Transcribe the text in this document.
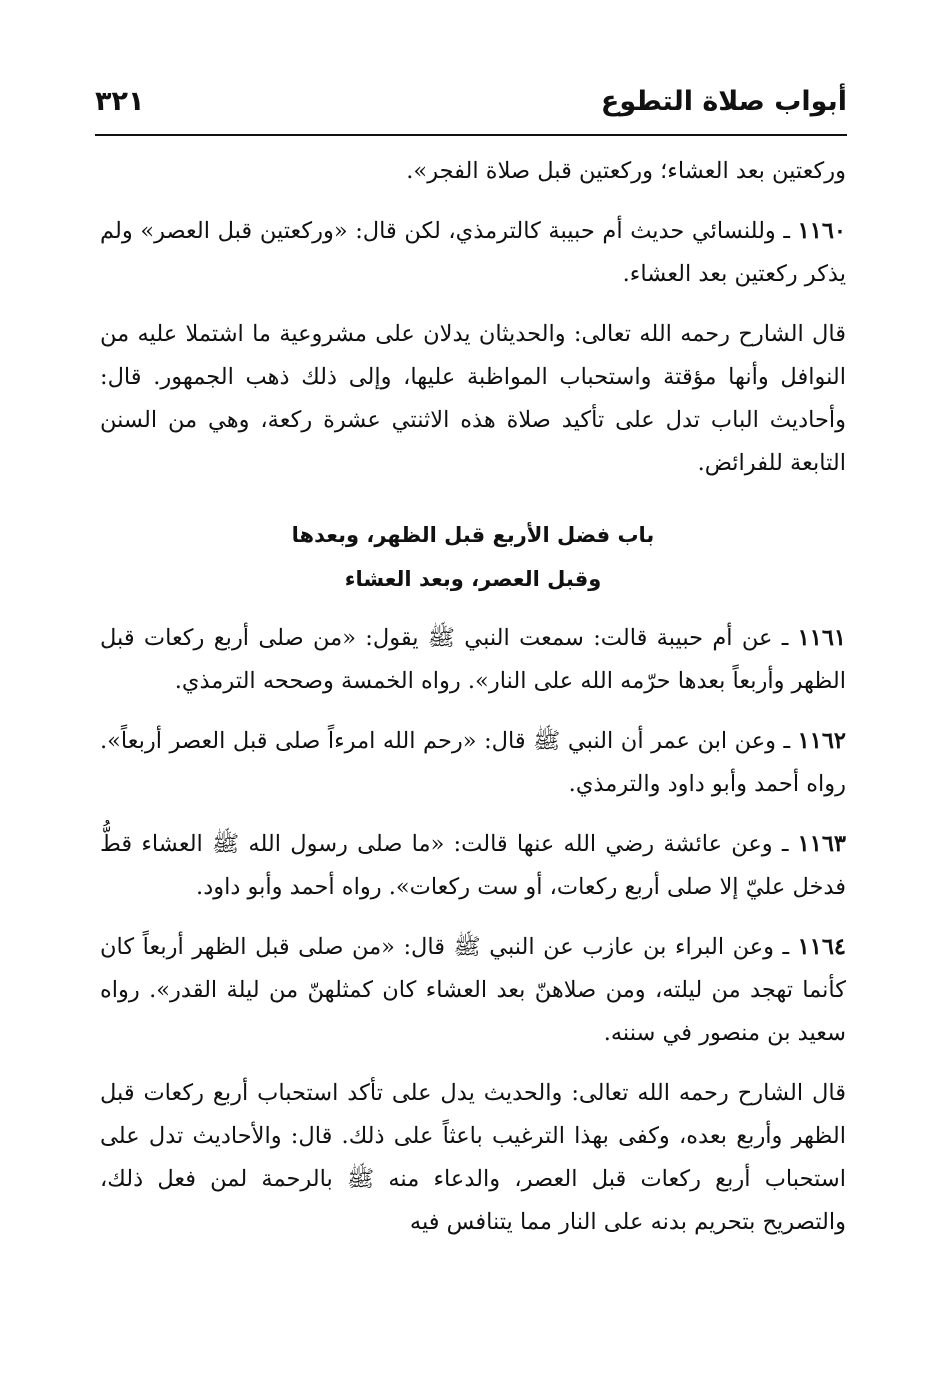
أبواب صلاة التطوع
٣٢١

وركعتين بعد العشاء؛ وركعتين قبل صلاة الفجر».

١١٦٠ ـ وللنسائي حديث أم حبيبة كالترمذي، لكن قال: «وركعتين قبل العصر» ولم يذكر ركعتين بعد العشاء.

قال الشارح رحمه الله تعالى: والحديثان يدلان على مشروعية ما اشتملا عليه من النوافل وأنها مؤقتة واستحباب المواظبة عليها، وإلى ذلك ذهب الجمهور. قال: وأحاديث الباب تدل على تأكيد صلاة هذه الاثنتي عشرة ركعة، وهي من السنن التابعة للفرائض.

باب فضل الأربع قبل الظهر، وبعدها
وقبل العصر، وبعد العشاء

١١٦١ ـ عن أم حبيبة قالت: سمعت النبي ﷺ يقول: «من صلى أربع ركعات قبل الظهر وأربعاً بعدها حرّمه الله على النار». رواه الخمسة وصححه الترمذي.

١١٦٢ ـ وعن ابن عمر أن النبي ﷺ قال: «رحم الله امرءاً صلى قبل العصر أربعاً». رواه أحمد وأبو داود والترمذي.

١١٦٣ ـ وعن عائشة رضي الله عنها قالت: «ما صلى رسول الله ﷺ العشاء قطُّ فدخل عليّ إلا صلى أربع ركعات، أو ست ركعات». رواه أحمد وأبو داود.

١١٦٤ ـ وعن البراء بن عازب عن النبي ﷺ قال: «من صلى قبل الظهر أربعاً كان كأنما تهجد من ليلته، ومن صلاهنّ بعد العشاء كان كمثلهنّ من ليلة القدر». رواه سعيد بن منصور في سننه.

قال الشارح رحمه الله تعالى: والحديث يدل على تأكد استحباب أربع ركعات قبل الظهر وأربع بعده، وكفى بهذا الترغيب باعثاً على ذلك. قال: والأحاديث تدل على استحباب أربع ركعات قبل العصر، والدعاء منه ﷺ بالرحمة لمن فعل ذلك، والتصريح بتحريم بدنه على النار مما يتنافس فيه
